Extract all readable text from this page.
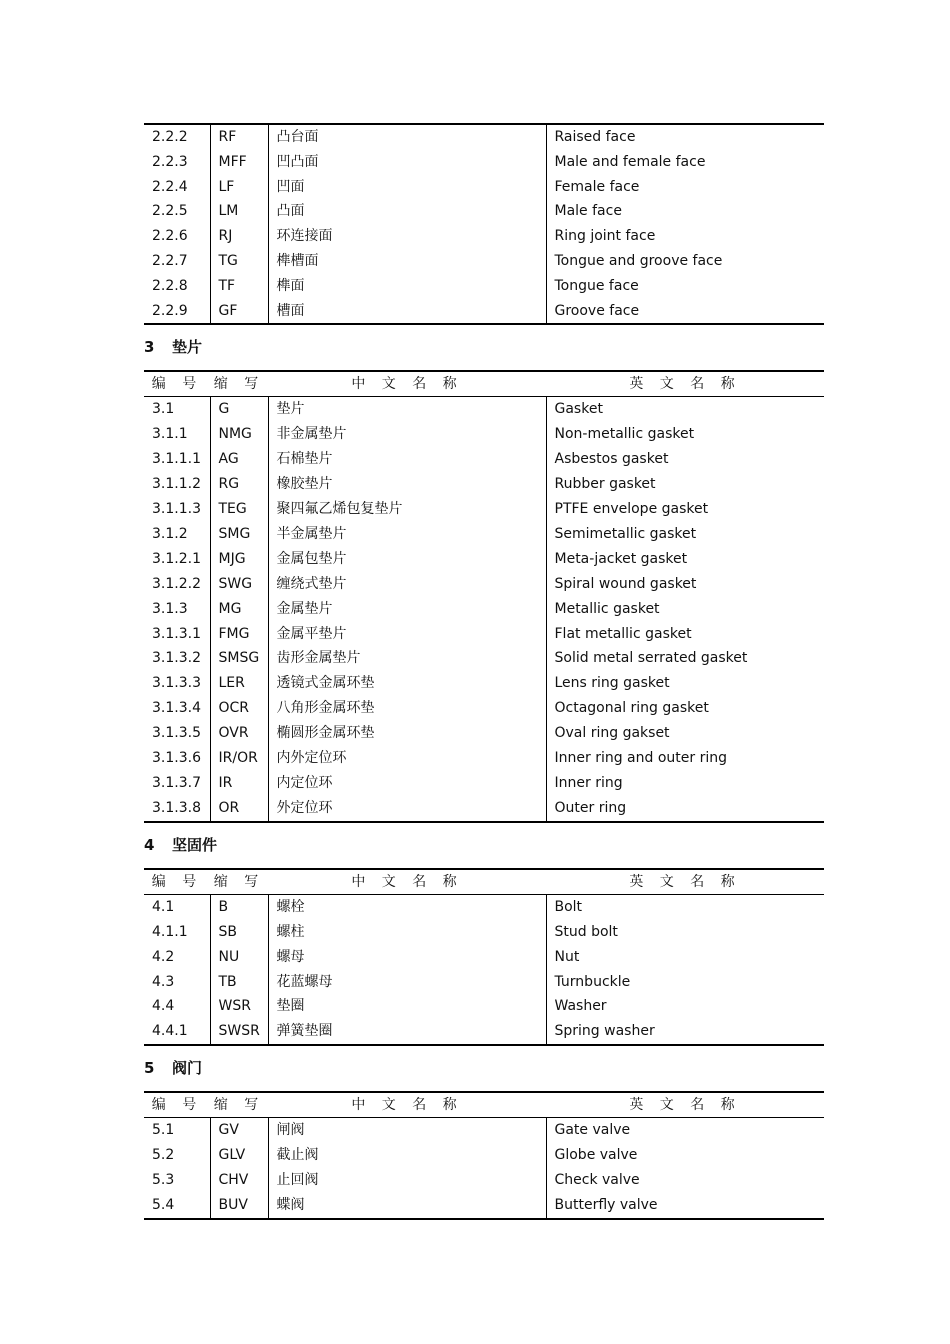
2.2.2	RF	凸台面	Raised face
2.2.3	MFF	凹凸面	Male and female face
2.2.4	LF	凹面	Female face
2.2.5	LM	凸面	Male face
2.2.6	RJ	环连接面	Ring joint face
2.2.7	TG	榫槽面	Tongue and groove face
2.2.8	TF	榫面	Tongue face
2.2.9	GF	槽面	Groove face
3 垫片
编 号	缩 写	中 文 名 称	英 文 名 称
3.1	G	垫片	Gasket
3.1.1	NMG	非金属垫片	Non-metallic gasket
3.1.1.1	AG	石棉垫片	Asbestos gasket
3.1.1.2	RG	橡胶垫片	Rubber gasket
3.1.1.3	TEG	聚四氟乙烯包复垫片	PTFE envelope gasket
3.1.2	SMG	半金属垫片	Semimetallic gasket
3.1.2.1	MJG	金属包垫片	Meta-jacket gasket
3.1.2.2	SWG	缠绕式垫片	Spiral wound gasket
3.1.3	MG	金属垫片	Metallic gasket
3.1.3.1	FMG	金属平垫片	Flat metallic gasket
3.1.3.2	SMSG	齿形金属垫片	Solid metal serrated gasket
3.1.3.3	LER	透镜式金属环垫	Lens ring gasket
3.1.3.4	OCR	八角形金属环垫	Octagonal ring gasket
3.1.3.5	OVR	椭圆形金属环垫	Oval ring gakset
3.1.3.6	IR/OR	内外定位环	Inner ring and outer ring
3.1.3.7	IR	内定位环	Inner ring
3.1.3.8	OR	外定位环	Outer ring
4 坚固件
编 号	缩 写	中 文 名 称	英 文 名 称
4.1	B	螺栓	Bolt
4.1.1	SB	螺柱	Stud bolt
4.2	NU	螺母	Nut
4.3	TB	花蓝螺母	Turnbuckle
4.4	WSR	垫圈	Washer
4.4.1	SWSR	弹簧垫圈	Spring washer
5 阀门
编 号	缩 写	中 文 名 称	英 文 名 称
5.1	GV	闸阀	Gate valve
5.2	GLV	截止阀	Globe valve
5.3	CHV	止回阀	Check valve
5.4	BUV	蝶阀	Butterfly valve
